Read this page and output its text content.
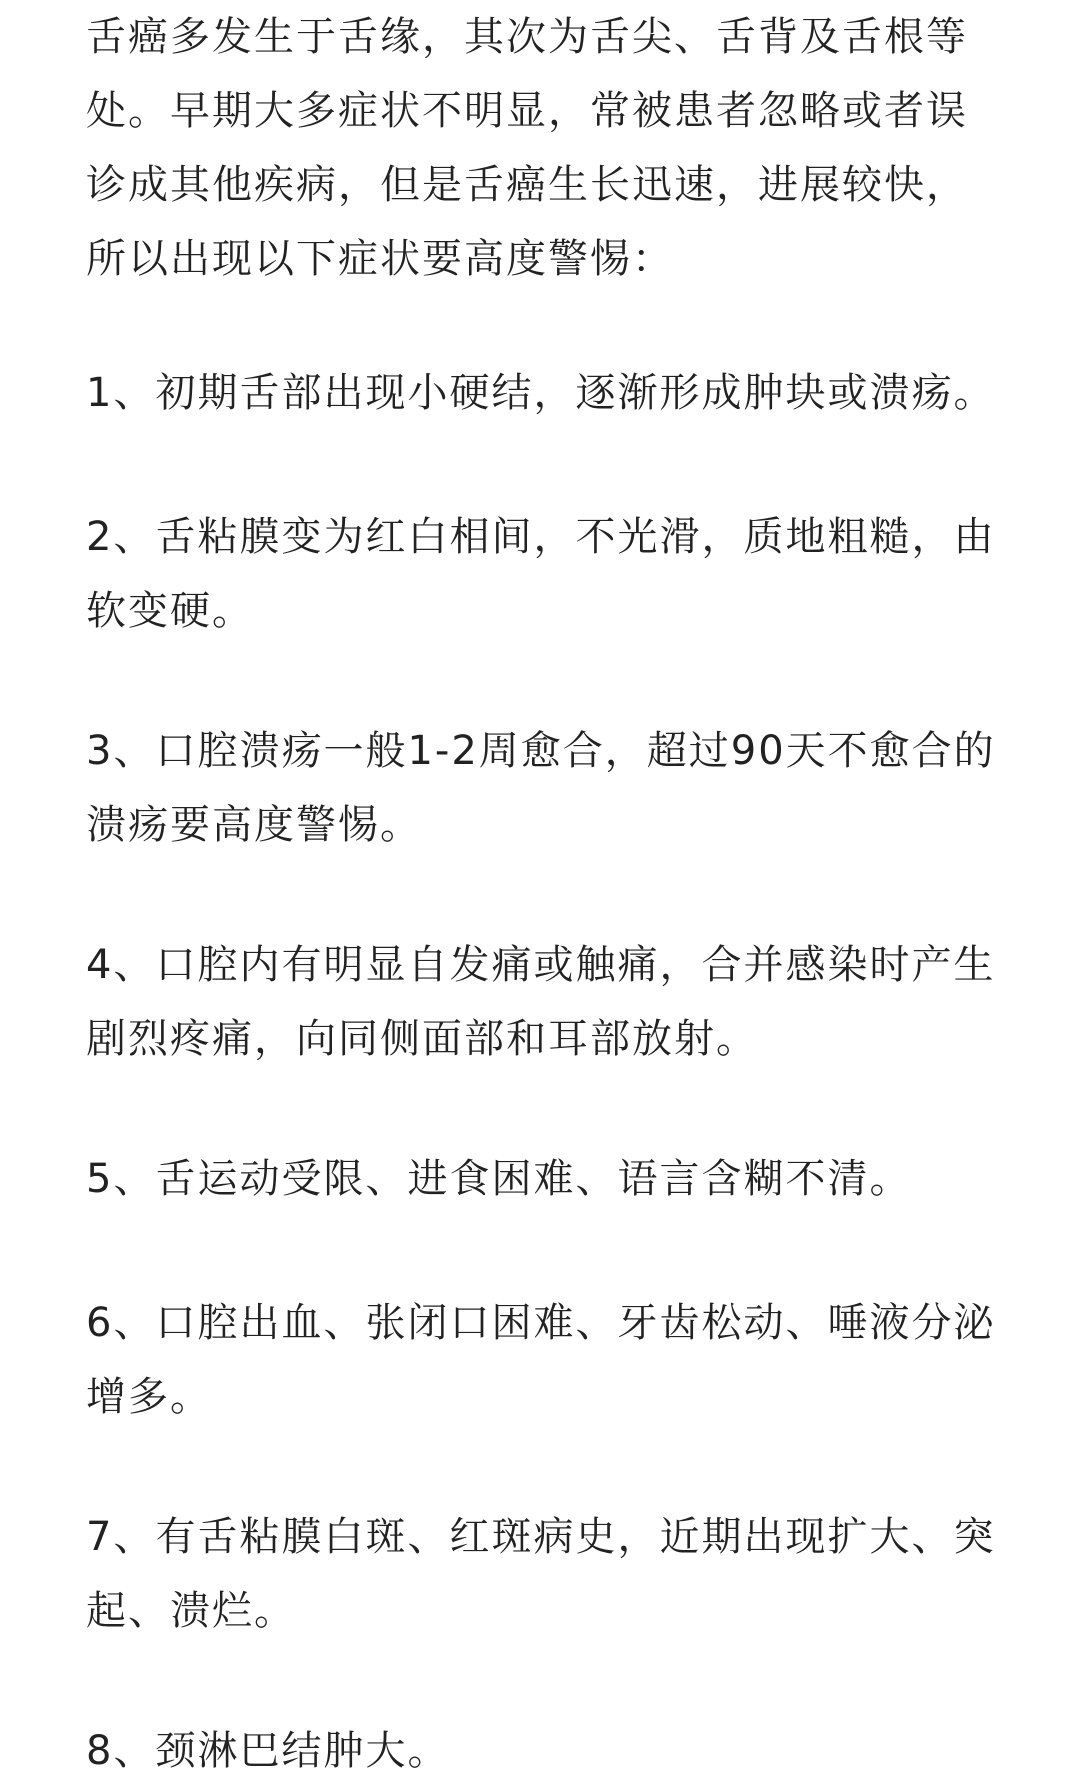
舌癌多发生于舌缘，其次为舌尖、舌背及舌根等处。早期大多症状不明显，常被患者忽略或者误诊成其他疾病，但是舌癌生长迅速，进展较快，所以出现以下症状要高度警惕：

1、初期舌部出现小硬结，逐渐形成肿块或溃疡。

2、舌粘膜变为红白相间，不光滑，质地粗糙，由软变硬。

3、口腔溃疡一般1-2周愈合，超过90天不愈合的溃疡要高度警惕。

4、口腔内有明显自发痛或触痛，合并感染时产生剧烈疼痛，向同侧面部和耳部放射。

5、舌运动受限、进食困难、语言含糊不清。

6、口腔出血、张闭口困难、牙齿松动、唾液分泌增多。

7、有舌粘膜白斑、红斑病史，近期出现扩大、突起、溃烂。

8、颈淋巴结肿大。
